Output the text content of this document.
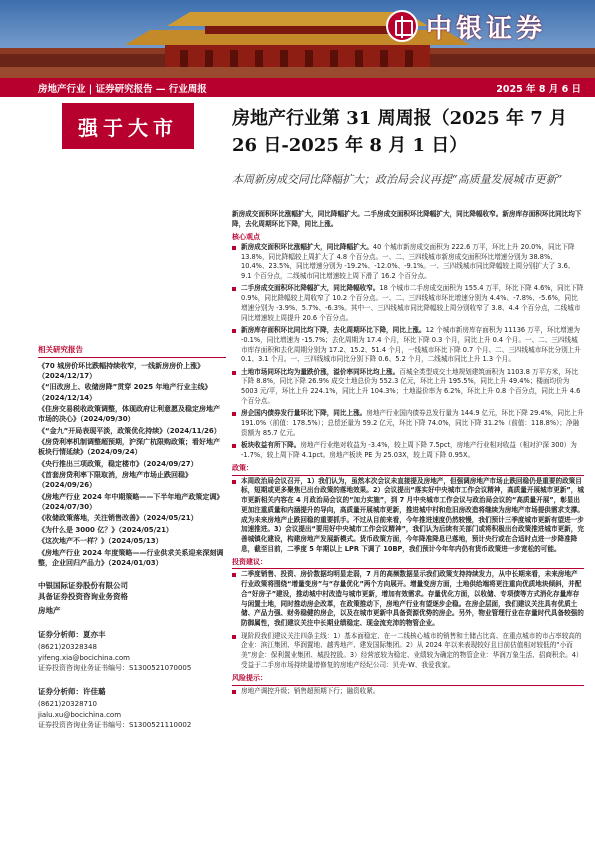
中银证券
房地产行业 | 证券研究报告 — 行业周报	2025 年 8 月 6 日
强于大市
相关研究报告
《70 城房价环比跌幅持续收窄，一线新房房价上涨》（2024/12/17）
《“旧改房上、收储房降”贯穿 2025 年地产行业主线》（2024/12/14）
《住房交易税收政策调整，体现政府让利意愿及稳定房地产市场的决心》（2024/09/30）
《“金九”开局表现平淡，政策优化持续》（2024/11/26）
《房贷利率机制调整超预期，沪深广杭限购政策；看好地产板块行情延续》（2024/09/24）
《央行推出三项政策，稳定楼市》（2024/09/27）
《首套房贷利率下限取消，房地产市场止跌回稳》（2024/09/26）
《房地产行业 2024 年中期策略——下半年地产政策定调》（2024/07/30）
《收储政策落地，关注销售改善》（2024/05/21）
《为什么是 3000 亿？》（2024/05/21）
《这次地产不一样？》（2024/05/13）
《房地产行业 2024 年度策略——行业供求关系迎来深刻调整，企业回归产品力》（2024/01/03）
中银国际证券股份有限公司
具备证券投资咨询业务资格
房地产
证券分析师：夏亦丰
(8621)20328348
yifeng.xia@bocichina.com
证券投资咨询业务证书编号：S1300521070005
证券分析师：许佳璐
(8621)20328710
jialu.xu@bocichina.com
证券投资咨询业务证书编号：S1300521110002
房地产行业第 31 周周报（2025 年 7 月 26 日-2025 年 8 月 1 日）
本周新房成交同比降幅扩大；政治局会议再提“高质量发展城市更新”
新房成交面积环比涨幅扩大，同比降幅扩大。二手房成交面积环比降幅扩大，同比降幅收窄。新房库存面积环比同比均下降，去化周期环比下降，同比上涨。
核心观点
新房成交面积环比涨幅扩大，同比降幅扩大。40 个城市新房成交面积为 222.6 万平，环比上升 20.0%，同比下降 13.8%，同比降幅较上周扩大了 4.8 个百分点。一、二、三四线城市新房成交面积环比增速分别为 38.8%、10.4%、23.5%，同比增速分别为 -19.2%、-12.0%、-9.1%。一、三四线城市同比降幅较上周分别扩大了 3.6、9.1 个百分点，二线城市同比增速较上周下滑了 16.2 个百分点。
二手房成交面积环比降幅扩大，同比降幅收窄。18 个城市二手房成交面积为 155.4 万平，环比下降 4.6%，同比下降 0.9%，同比降幅较上周收窄了 10.2 个百分点。一、二、三四线城市环比增速分别为 4.4%、-7.8%、-5.6%，同比增速分别为 -3.9%、5.7%、-6.3%。其中一、三四线城市同比降幅较上周分别收窄了 3.8、4.4 个百分点，二线城市同比增速较上周提升 20.6 个百分点。
新房库存面积环比同比均下降，去化周期环比下降，同比上涨。12 个城市新房库存面积为 11136 万平，环比增速为 -0.1%，同比增速为 -15.7%；去化周期为 17.4 个月，环比下降 0.3 个月，同比上升 0.4 个月。一、二、三四线城市库存面积和去化周期分别为 17.2、15.2、51.4 个月，一线城市环比下降 0.7 个月、二、三四线城市环比分别上升 0.1、3.1 个月。一、三四线城市同比分别下降 0.6、5.2 个月，二线城市同比上升 1.3 个月。
土地市场同环比均为量跌价涨，溢价率同环比均上涨。百城全类型成交土地规划建筑面积为 1103.8 万平方米，环比下降 8.8%，同比下降 26.9% 成交土地总价为 552.3 亿元，环比上升 195.5%，同比上升 49.4%；楼面均价为 5003 元/平，环比上升 224.1%，同比上升 104.3%；土地溢价率为 6.2%，环比上升 0.8 个百分点，同比上升 4.6 个百分点。
房企国内债券发行量环比下降，同比上涨。房地产行业国内债券总发行量为 144.9 亿元，环比下降 29.4%，同比上升 191.0%（前值：178.5%）；总偿还量为 59.2 亿元，环比下降 74.0%，同比下降 31.2%（前值：118.8%）；净融资额为 85.7 亿元。
板块收益有所下降。房地产行业绝对收益为 -3.4%，较上周下降 7.5pct，房地产行业相对收益（相对沪深 300）为 -1.7%，较上周下降 4.1pct。房地产板块 PE 为 25.03X，较上周下降 0.95X。
政策：
本周政治局会议召开，1）我们认为，虽然本次会议未直接提及房地产，但强调房地产市场止跌回稳仍是重要的政策目标，短期或更多聚焦已出台政策的落地效果。2）会议提出“落实好中央城市工作会议精神，高质量开展城市更新”，城市更新相关内容在 4 月政治局会议的“加力实施”，到 7 月中央城市工作会议与政治局会议的“高质量开展”，彰显出更加注重质量和内涵提升的导向，高质量开展城市更新，推进城中村和危旧房改造将继续为房地产市场提供需求支撑。成为未来房地产止跌回稳的重要抓手。不过从目前来看，今年推进速度仍然较慢，我们预计三季度城市更新有望进一步加速推进。3）会议提出“要用好中央城市工作会议精神”，我们认为后续有关部门或将积极出台政策推进城市更新，完善城镇化建设，构建房地产发展新模式。货币政策方面，今年降准降息已落地，预计央行或在合适时点进一步降准降息，截至目前，二季度 5 年期以上 LPR 下调了 10BP，我们预计今年年内仍有货币政策进一步宽松的可能。
投资建议：
二季度销售、投资、房价数据均明显走弱，7 月的高频数据显示我们政策支持持续发力，从中长期来看，未来房地产行业政策将围绕“增量变房”与“存量优化”两个方向展开。增量变房方面，土地供给端将更注重向优质地块倾斜，并配合“好房子”建设，推动城中村改造与城市更新，增加有效需求。存量优化方面，以收储、专项债等方式消化存量库存与闲置土地，同时推动房企改革，在政策推动下，房地产行业有望逐步企稳。在房企层面，我们建议关注具有优质土储、产品力强、财务稳健的房企，以及在城市更新中具备资源优势的房企。另外，物业管理行业在存量时代具备较强的防御属性，我们建议关注中长期业绩稳定、现金流充沛的物管企业。
现阶段我们建议关注四条主线：1）基本面稳定、在一二线核心城市的销售和土储占比高、在重点城市的市占率较高的企业：滨江集团、华润置地、越秀地产、建发国际集团。2）从 2024 年以来表现较好且目前估值相对较低的“小而美”房企：保利置业集团、城投控股。3）经营底较为稳定、业绩较为确定的物管企业：华润万象生活、招商积余。4）受益于二手房市场持续量增修复的房地产经纪公司：贝壳-W、我爱我家。
风险提示：
房地产调控升级；销售超预期下行；融资收紧。
